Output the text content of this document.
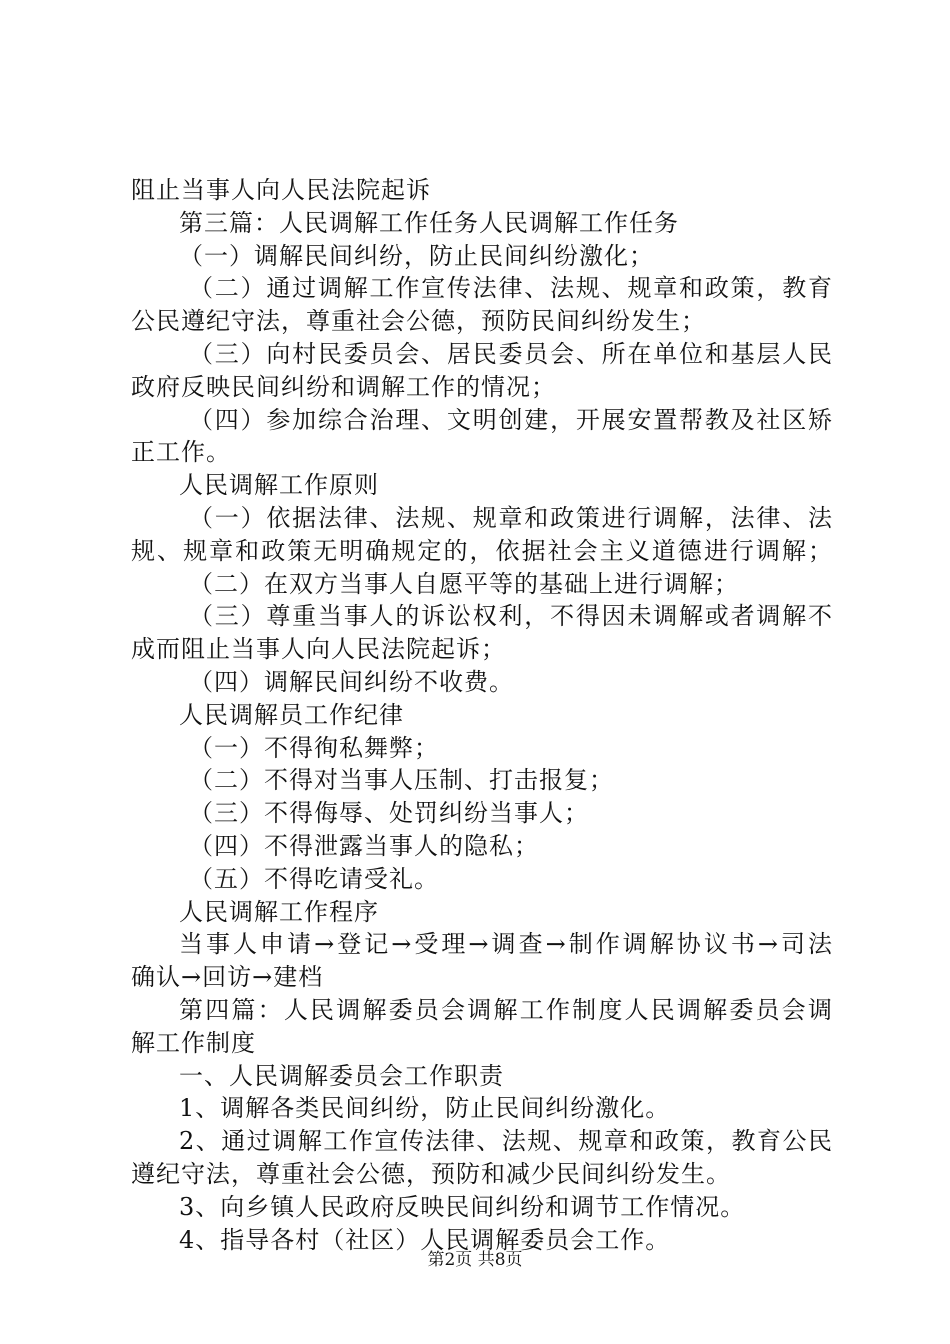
阻止当事人向人民法院起诉
第三篇：人民调解工作任务人民调解工作任务
（一）调解民间纠纷，防止民间纠纷激化；
（二）通过调解工作宣传法律、法规、规章和政策，教育
公民遵纪守法，尊重社会公德，预防民间纠纷发生；
（三）向村民委员会、居民委员会、所在单位和基层人民
政府反映民间纠纷和调解工作的情况；
（四）参加综合治理、文明创建，开展安置帮教及社区矫
正工作。
人民调解工作原则
（一）依据法律、法规、规章和政策进行调解，法律、法
规、规章和政策无明确规定的，依据社会主义道德进行调解；
（二）在双方当事人自愿平等的基础上进行调解；
（三）尊重当事人的诉讼权利，不得因未调解或者调解不
成而阻止当事人向人民法院起诉；
（四）调解民间纠纷不收费。
人民调解员工作纪律
（一）不得徇私舞弊；
（二）不得对当事人压制、打击报复；
（三）不得侮辱、处罚纠纷当事人；
（四）不得泄露当事人的隐私；
（五）不得吃请受礼。
人民调解工作程序
当事人申请→登记→受理→调查→制作调解协议书→司法
确认→回访→建档
第四篇：人民调解委员会调解工作制度人民调解委员会调
解工作制度
一、人民调解委员会工作职责
1、调解各类民间纠纷，防止民间纠纷激化。
2、通过调解工作宣传法律、法规、规章和政策，教育公民
遵纪守法，尊重社会公德，预防和减少民间纠纷发生。
3、向乡镇人民政府反映民间纠纷和调节工作情况。
4、指导各村（社区）人民调解委员会工作。
第2页 共8页
